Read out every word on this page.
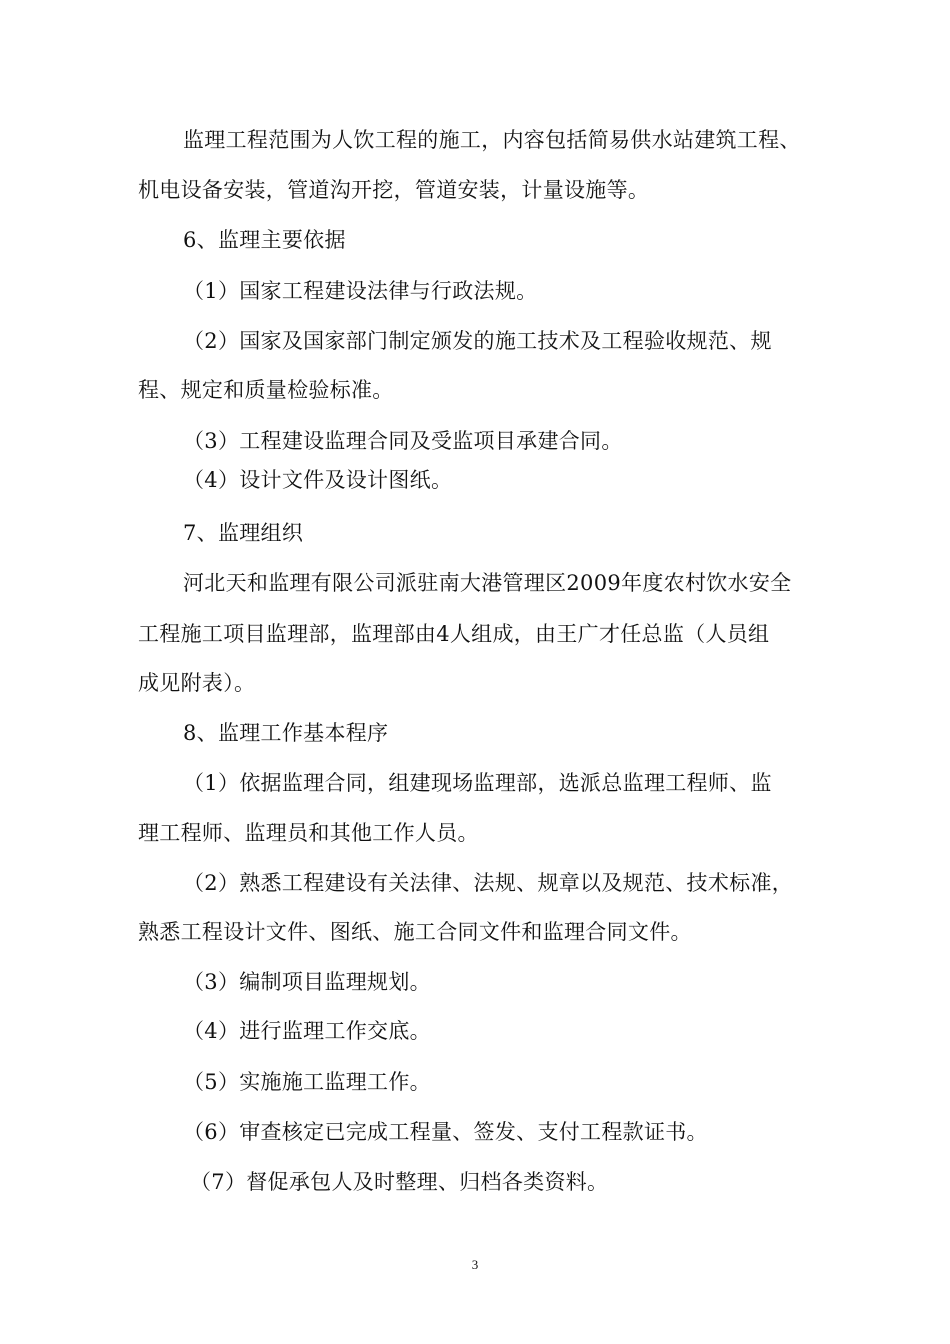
监理工程范围为人饮工程的施工，内容包括简易供水站建筑工程、
机电设备安装，管道沟开挖，管道安装，计量设施等。
6、监理主要依据
（1）国家工程建设法律与行政法规。
（2）国家及国家部门制定颁发的施工技术及工程验收规范、规
程、规定和质量检验标准。
（3）工程建设监理合同及受监项目承建合同。
（4）设计文件及设计图纸。
7、监理组织
河北天和监理有限公司派驻南大港管理区2009年度农村饮水安全
工程施工项目监理部，监理部由4人组成，由王广才任总监（人员组
成见附表）。
8、监理工作基本程序
（1）依据监理合同，组建现场监理部，选派总监理工程师、监
理工程师、监理员和其他工作人员。
（2）熟悉工程建设有关法律、法规、规章以及规范、技术标准，
熟悉工程设计文件、图纸、施工合同文件和监理合同文件。
（3）编制项目监理规划。
（4）进行监理工作交底。
（5）实施施工监理工作。
（6）审查核定已完成工程量、签发、支付工程款证书。
（7）督促承包人及时整理、归档各类资料。
3
